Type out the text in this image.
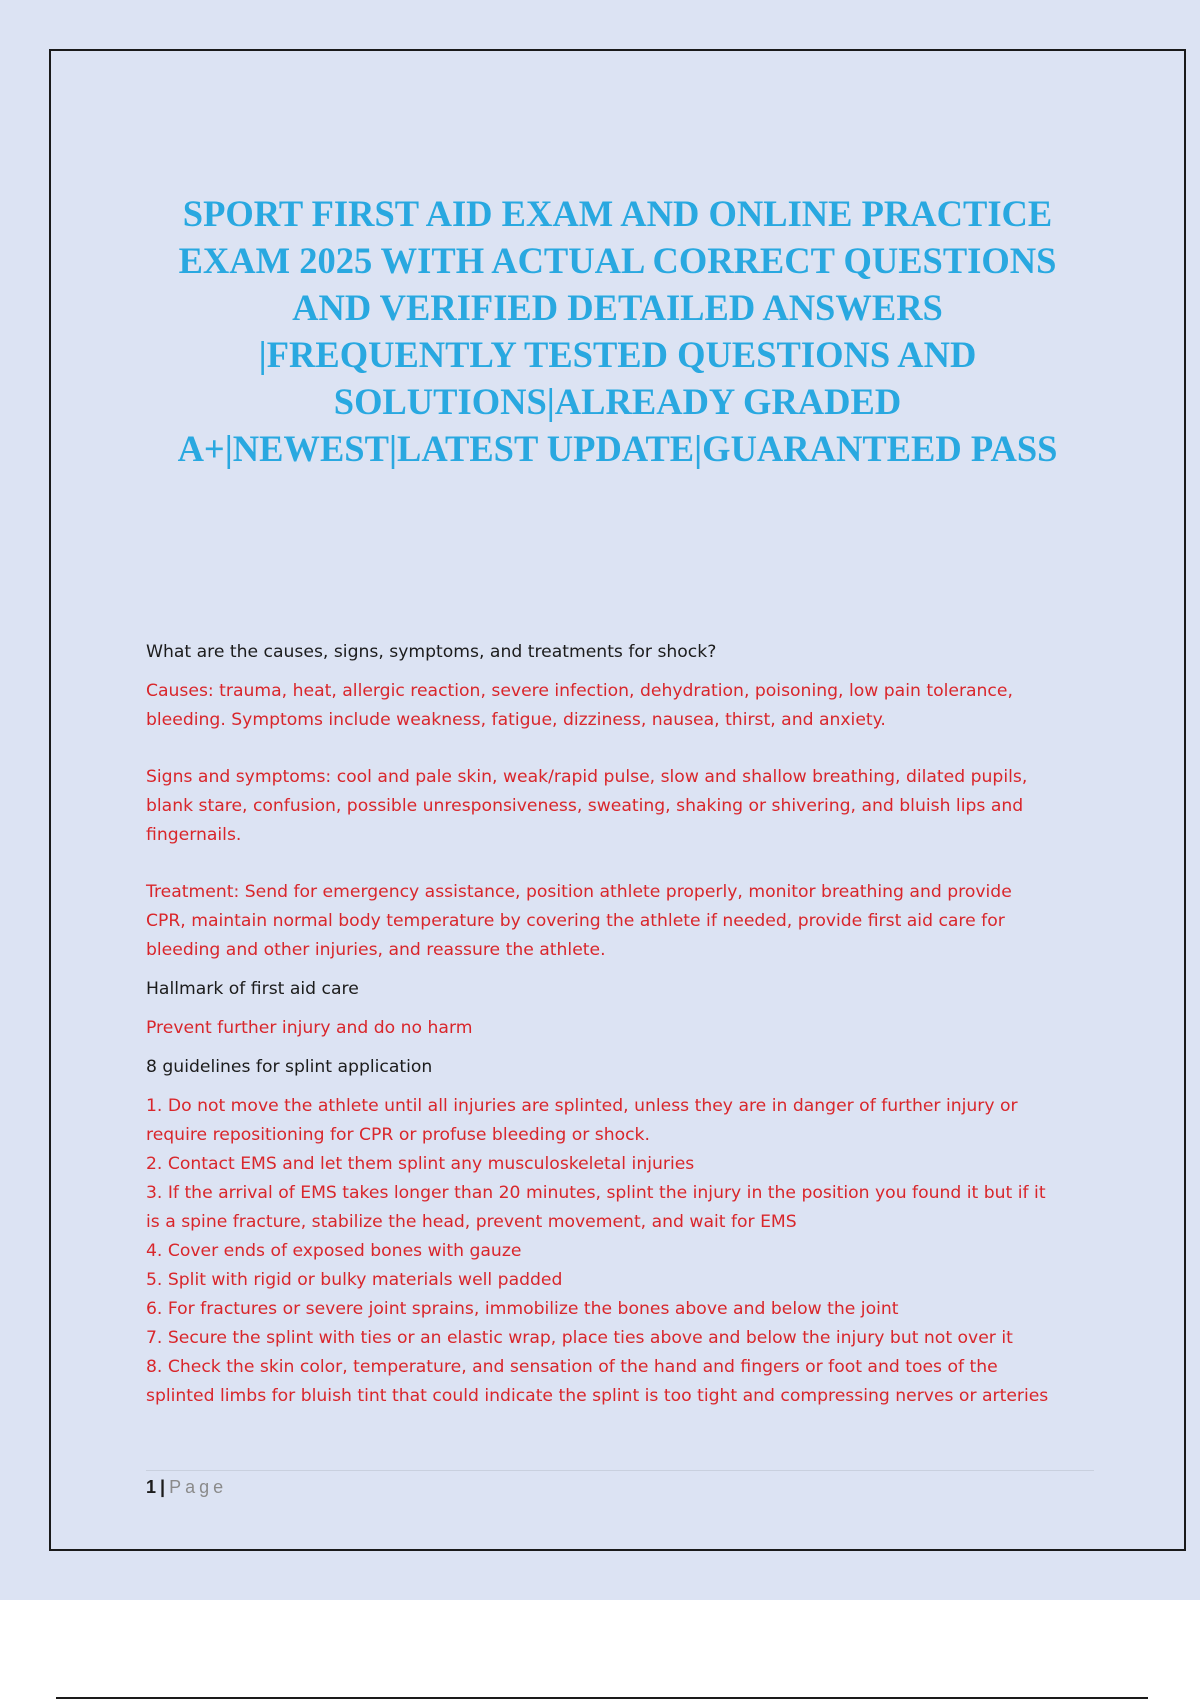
SPORT FIRST AID EXAM AND ONLINE PRACTICE
EXAM 2025 WITH ACTUAL CORRECT QUESTIONS
AND VERIFIED DETAILED ANSWERS
|FREQUENTLY TESTED QUESTIONS AND
SOLUTIONS|ALREADY GRADED
A+|NEWEST|LATEST UPDATE|GUARANTEED PASS
What are the causes, signs, symptoms, and treatments for shock?
Causes: trauma, heat, allergic reaction, severe infection, dehydration, poisoning, low pain tolerance,
bleeding. Symptoms include weakness, fatigue, dizziness, nausea, thirst, and anxiety.
Signs and symptoms: cool and pale skin, weak/rapid pulse, slow and shallow breathing, dilated pupils,
blank stare, confusion, possible unresponsiveness, sweating, shaking or shivering, and bluish lips and
fingernails.
Treatment: Send for emergency assistance, position athlete properly, monitor breathing and provide
CPR, maintain normal body temperature by covering the athlete if needed, provide first aid care for
bleeding and other injuries, and reassure the athlete.
Hallmark of first aid care
Prevent further injury and do no harm
8 guidelines for splint application
1. Do not move the athlete until all injuries are splinted, unless they are in danger of further injury or
require repositioning for CPR or profuse bleeding or shock.
2. Contact EMS and let them splint any musculoskeletal injuries
3. If the arrival of EMS takes longer than 20 minutes, splint the injury in the position you found it but if it
is a spine fracture, stabilize the head, prevent movement, and wait for EMS
4. Cover ends of exposed bones with gauze
5. Split with rigid or bulky materials well padded
6. For fractures or severe joint sprains, immobilize the bones above and below the joint
7. Secure the splint with ties or an elastic wrap, place ties above and below the injury but not over it
8. Check the skin color, temperature, and sensation of the hand and fingers or foot and toes of the
splinted limbs for bluish tint that could indicate the splint is too tight and compressing nerves or arteries
1 | Page
